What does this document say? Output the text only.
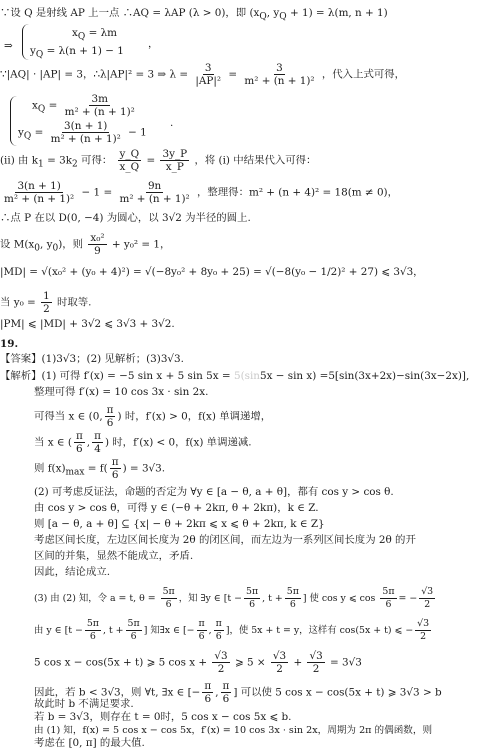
∵设 Q 是射线 AP 上一点 ∴AQ = λAP (λ > 0)，即 ($x_Q$, $y_Q + 1) = \lambda(m$, n + 1)
⇒
$x_Q = \lambda m$
$y_Q = \lambda(n + 1) - 1$
，
∵|AQ| · |AP| = 3，∴λ|AP|² = 3 ⇒ $\lambda = \frac{3}{\text{|AP|²}} = \frac{3}{\text{m² + (n + 1)²}}$ ，代入上式可得，
$x_Q = \frac{3m}{\text{m² + (n + 1)²}}$
$y_Q = \frac{3(n + 1)}{\text{m² + (n + 1)²}} - 1$
.
(ii) 由 $k_1 = 3k_2$ 可得： $\frac{y\_Q}{x\_Q} = \frac{3y\_P}{x\_P}$ ，将 (i) 中结果代入可得：
$\frac{3(n + 1)}{\text{m² + (n + 1)²}} - 1 = \frac{9n}{\text{m² + (n + 1)²}}$ ，整理得：m² + (n + 4)² = 18(m ≠ 0)，
∴点 P 在以 D(0, −4) 为圆心，以 3√2 为半径的圆上.
设 $M(x_0$, $y_0$)，则 $\frac{\text{x₀²}}{9} + y_0^2 = 1$，
|MD| = √(x₀² + (y₀ + 4)²) = √(−8y₀² + 8y₀ + 25) = √(−8(y₀ − 1/2)² + 27) ⩽ 3√3，
当 $y_0 = \frac{1}{2}$ 时取等.
|PM| ⩽ |MD| + 3√2 ⩽ 3√3 + 3√2.
19.
【答案】(1)3√3；(2) 见解析；(3)3√3.
【解析】(1) 可得 f′(x) = −5 sin x + 5 sin 5x = 5(sin5x − sin x) =5[sin(3x+2x)−sin(3x−2x)],
整理可得 f′(x) = 10 cos 3x · sin 2x.
可得当 x ∈ (0, $\frac{\pi}{6}$ ) 时，f′(x) > 0，f(x) 单调递增，
当 x ∈ ( $\frac{\pi}{6}$ , $\frac{\pi}{4}$ ) 时，f′(x) < 0，f(x) 单调递减.
则 $f(x)_{max} = f( \frac{\pi}{6}$ ) = 3√3.
(2) 可考虑反证法，命题的否定为 ∀y ∈ [a − θ, a + θ]，都有 cos y > cos θ.
由 cos y > cos θ，可得 y ∈ (−θ + 2kπ, θ + 2kπ)，k ∈ Z.
则 [a − θ, a + θ] ⊆ {x| − θ + 2kπ ⩽ x ⩽ θ + 2kπ, k ∈ Z}
考虑区间长度，左边区间长度为 2θ 的闭区间，而左边为一系列区间长度为 2θ 的开
区间的并集，显然不能成立，矛盾.
因此，结论成立.
(3) 由 (2) 知，令 a = t, $\theta = \frac{5\pi}{6}$ ，知 ∃y ∈ [$t - \frac{5\pi}{6}$ , $t + \frac{5\pi}{6}$ ] 使 cos y ⩽ $\cos \frac{5\pi}{6}$ = − $\frac{√3}{2}$
由 y ∈ [$t - \frac{5\pi}{6}$ , $t + \frac{5\pi}{6}$ ] 知∃x ∈ [− $\frac{\pi}{6}$ , $\frac{\pi}{6}$ ]，使 5x + t = y，这样有 cos(5x + t) ⩽ − $\frac{√3}{2}$
5 cos x − cos(5x + t) ⩾ 5 $\cos x + \frac{√3}{2}$ ⩾ $5 \times \frac{√3}{2} + \frac{√3}{2} = 3√3$
因此，若 b < 3√3，则 ∀t, ∃x ∈ [− $\frac{\pi}{6}$ , $\frac{\pi}{6}$ ] 可以使 5 cos x − cos(5x + t) ⩾ 3√3 > b
故此时 b 不满足要求.
若 b = 3√3，则存在 t = 0时，5 cos x − cos 5x ⩽ b.
由 (1) 知，f(x) = 5 cos x − cos 5x，f′(x) = 10 cos 3x · sin 2x，周期为 2π 的偶函数，则
考虑在 [0, π] 的最大值.
